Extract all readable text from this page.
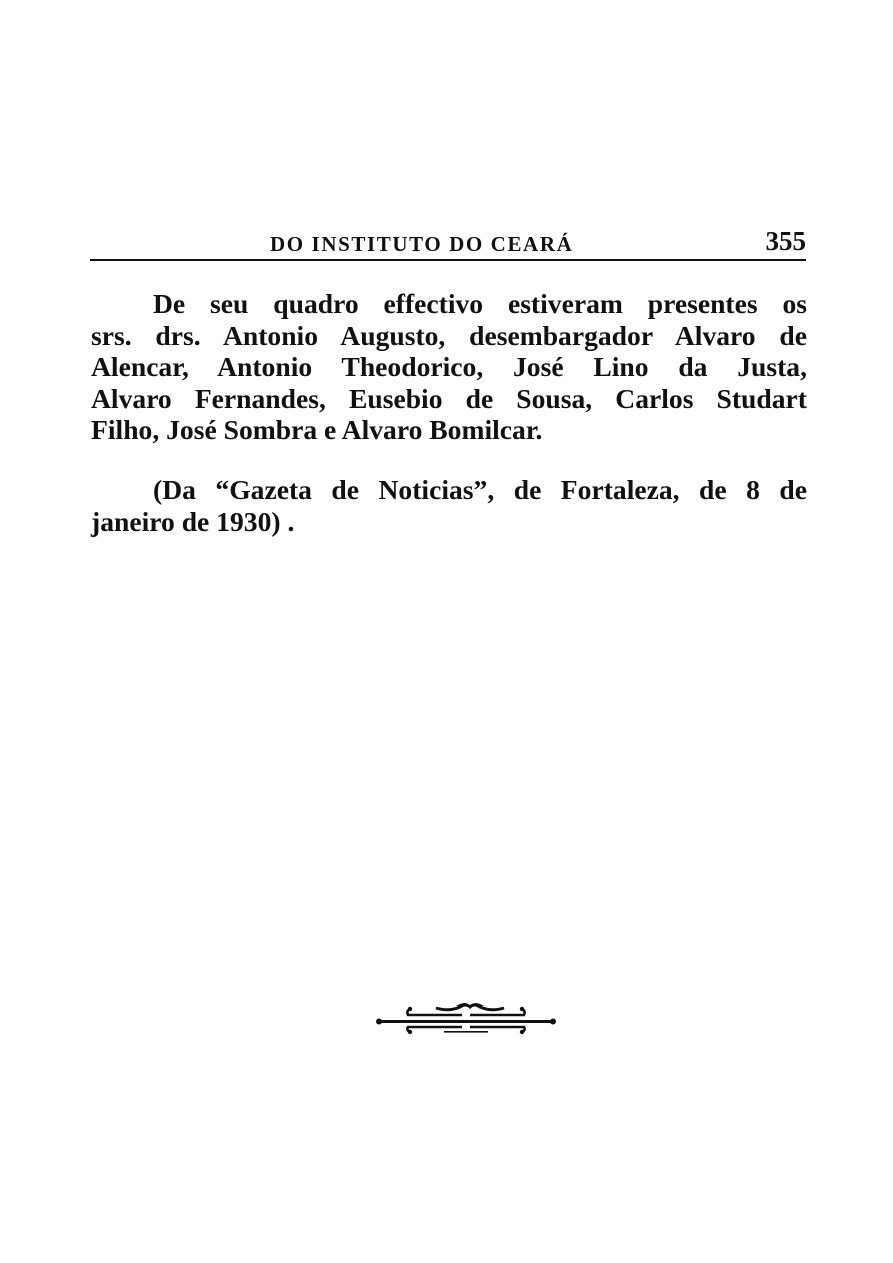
DO INSTITUTO DO CEARÁ	355
De seu quadro effectivo estiveram presentes os
srs. drs. Antonio Augusto, desembargador Alvaro de
Alencar, Antonio Theodorico, José Lino da Justa,
Alvaro Fernandes, Eusebio de Sousa, Carlos Studart
Filho, José Sombra e Alvaro Bomilcar.
(Da “Gazeta de Noticias”, de Fortaleza, de 8 de
janeiro de 1930) .
